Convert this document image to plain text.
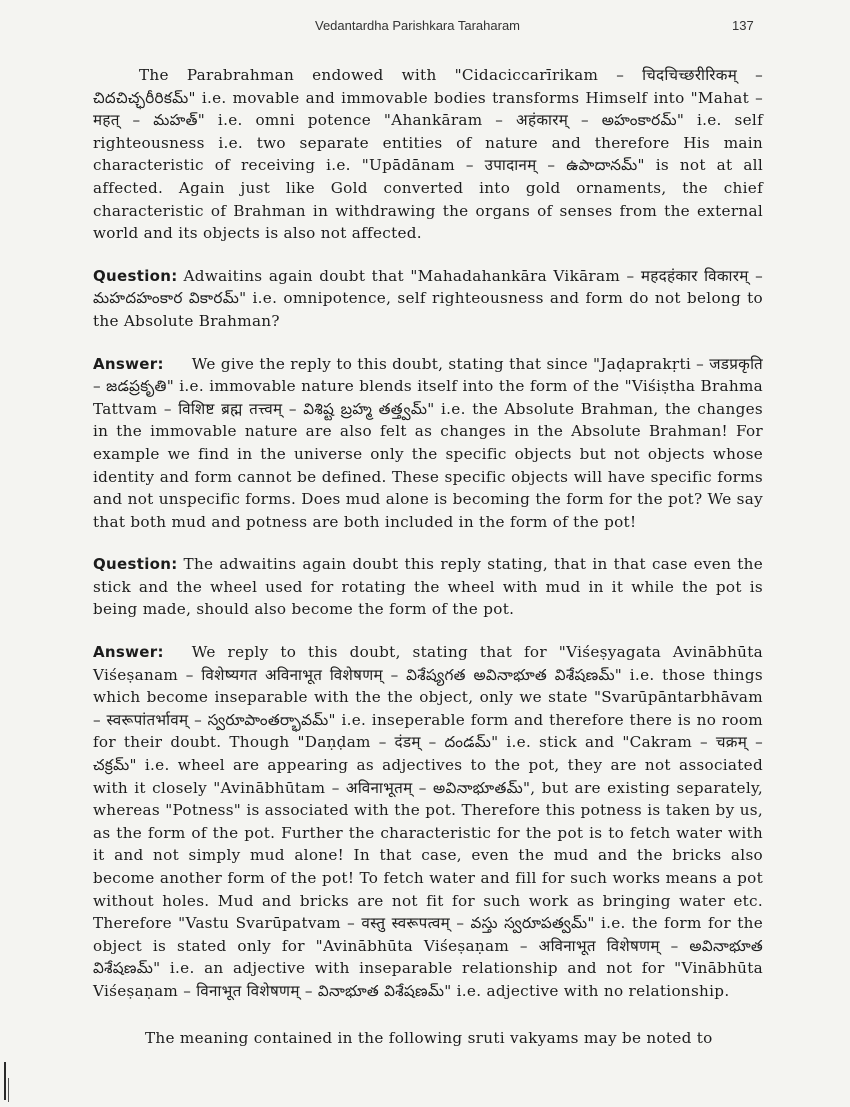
Vedantardha Parishkara Taraharam	137

The Parabrahman endowed with "Cidaciccarīrikam – चिदचिच्छरीरिकम् – చిదచిచ్ఛరీరికమ్" i.e. movable and immovable bodies transforms Himself into "Mahat – महत् – మహత్" i.e. omni potence "Ahankāram – अहंकारम् – అహంకారమ్" i.e. self righteousness i.e. two separate entities of nature and therefore His main characteristic of receiving i.e. "Upādānam – उपादानम् – ఉపాదానమ్" is not at all affected. Again just like Gold converted into gold ornaments, the chief characteristic of Brahman in withdrawing the organs of senses from the external world and its objects is also not affected.

Question: Adwaitins again doubt that "Mahadahankāra Vikāram – महदहंकार विकारम् – మహదహంకార వికారమ్" i.e. omnipotence, self righteousness and form do not belong to the Absolute Brahman?

Answer: We give the reply to this doubt, stating that since "Jaḍaprakṛti – जडप्रकृति – జడప్రకృతి" i.e. immovable nature blends itself into the form of the "Viśiṣtha Brahma Tattvam – विशिष्ट ब्रह्म तत्त्वम् – విశిష్ట బ్రహ్మ తత్త్వమ్" i.e. the Absolute Brahman, the changes in the immovable nature are also felt as changes in the Absolute Brahman! For example we find in the universe only the specific objects but not objects whose identity and form cannot be defined. These specific objects will have specific forms and not unspecific forms. Does mud alone is becoming the form for the pot? We say that both mud and potness are both included in the form of the pot!

Question: The adwaitins again doubt this reply stating, that in that case even the stick and the wheel used for rotating the wheel with mud in it while the pot is being made, should also become the form of the pot.

Answer: We reply to this doubt, stating that for "Viśeṣyagata Avinābhūta Viśeṣanam – विशेष्यगत अविनाभूत विशेषणम् – విశేష్యగత అవినాభూత విశేషణమ్" i.e. those things which become inseparable with the the object, only we state "Svarūpāntarbhāvam – स्वरूपांतर्भावम् – స్వరూపాంతర్భావమ్" i.e. inseperable form and therefore there is no room for their doubt. Though "Daṇḍam – दंडम् – దండమ్" i.e. stick and "Cakram – चक्रम् – చక్రమ్" i.e. wheel are appearing as adjectives to the pot, they are not associated with it closely "Avinābhūtam – अविनाभूतम् – అవినాభూతమ్", but are existing separately, whereas "Potness" is associated with the pot. Therefore this potness is taken by us, as the form of the pot. Further the characteristic for the pot is to fetch water with it and not simply mud alone! In that case, even the mud and the bricks also become another form of the pot! To fetch water and fill for such works means a pot without holes. Mud and bricks are not fit for such work as bringing water etc. Therefore "Vastu Svarūpatvam – वस्तु स्वरूपत्वम् – వస్తు స్వరూపత్వమ్" i.e. the form for the object is stated only for "Avinābhūta Viśeṣaṇam – अविनाभूत विशेषणम् – అవినాభూత విశేషణమ్" i.e. an adjective with inseparable relationship and not for "Vinābhūta Viśeṣaṇam – विनाभूत विशेषणम् – వినాభూత విశేషణమ్" i.e. adjective with no relationship.

The meaning contained in the following sruti vakyams may be noted to
